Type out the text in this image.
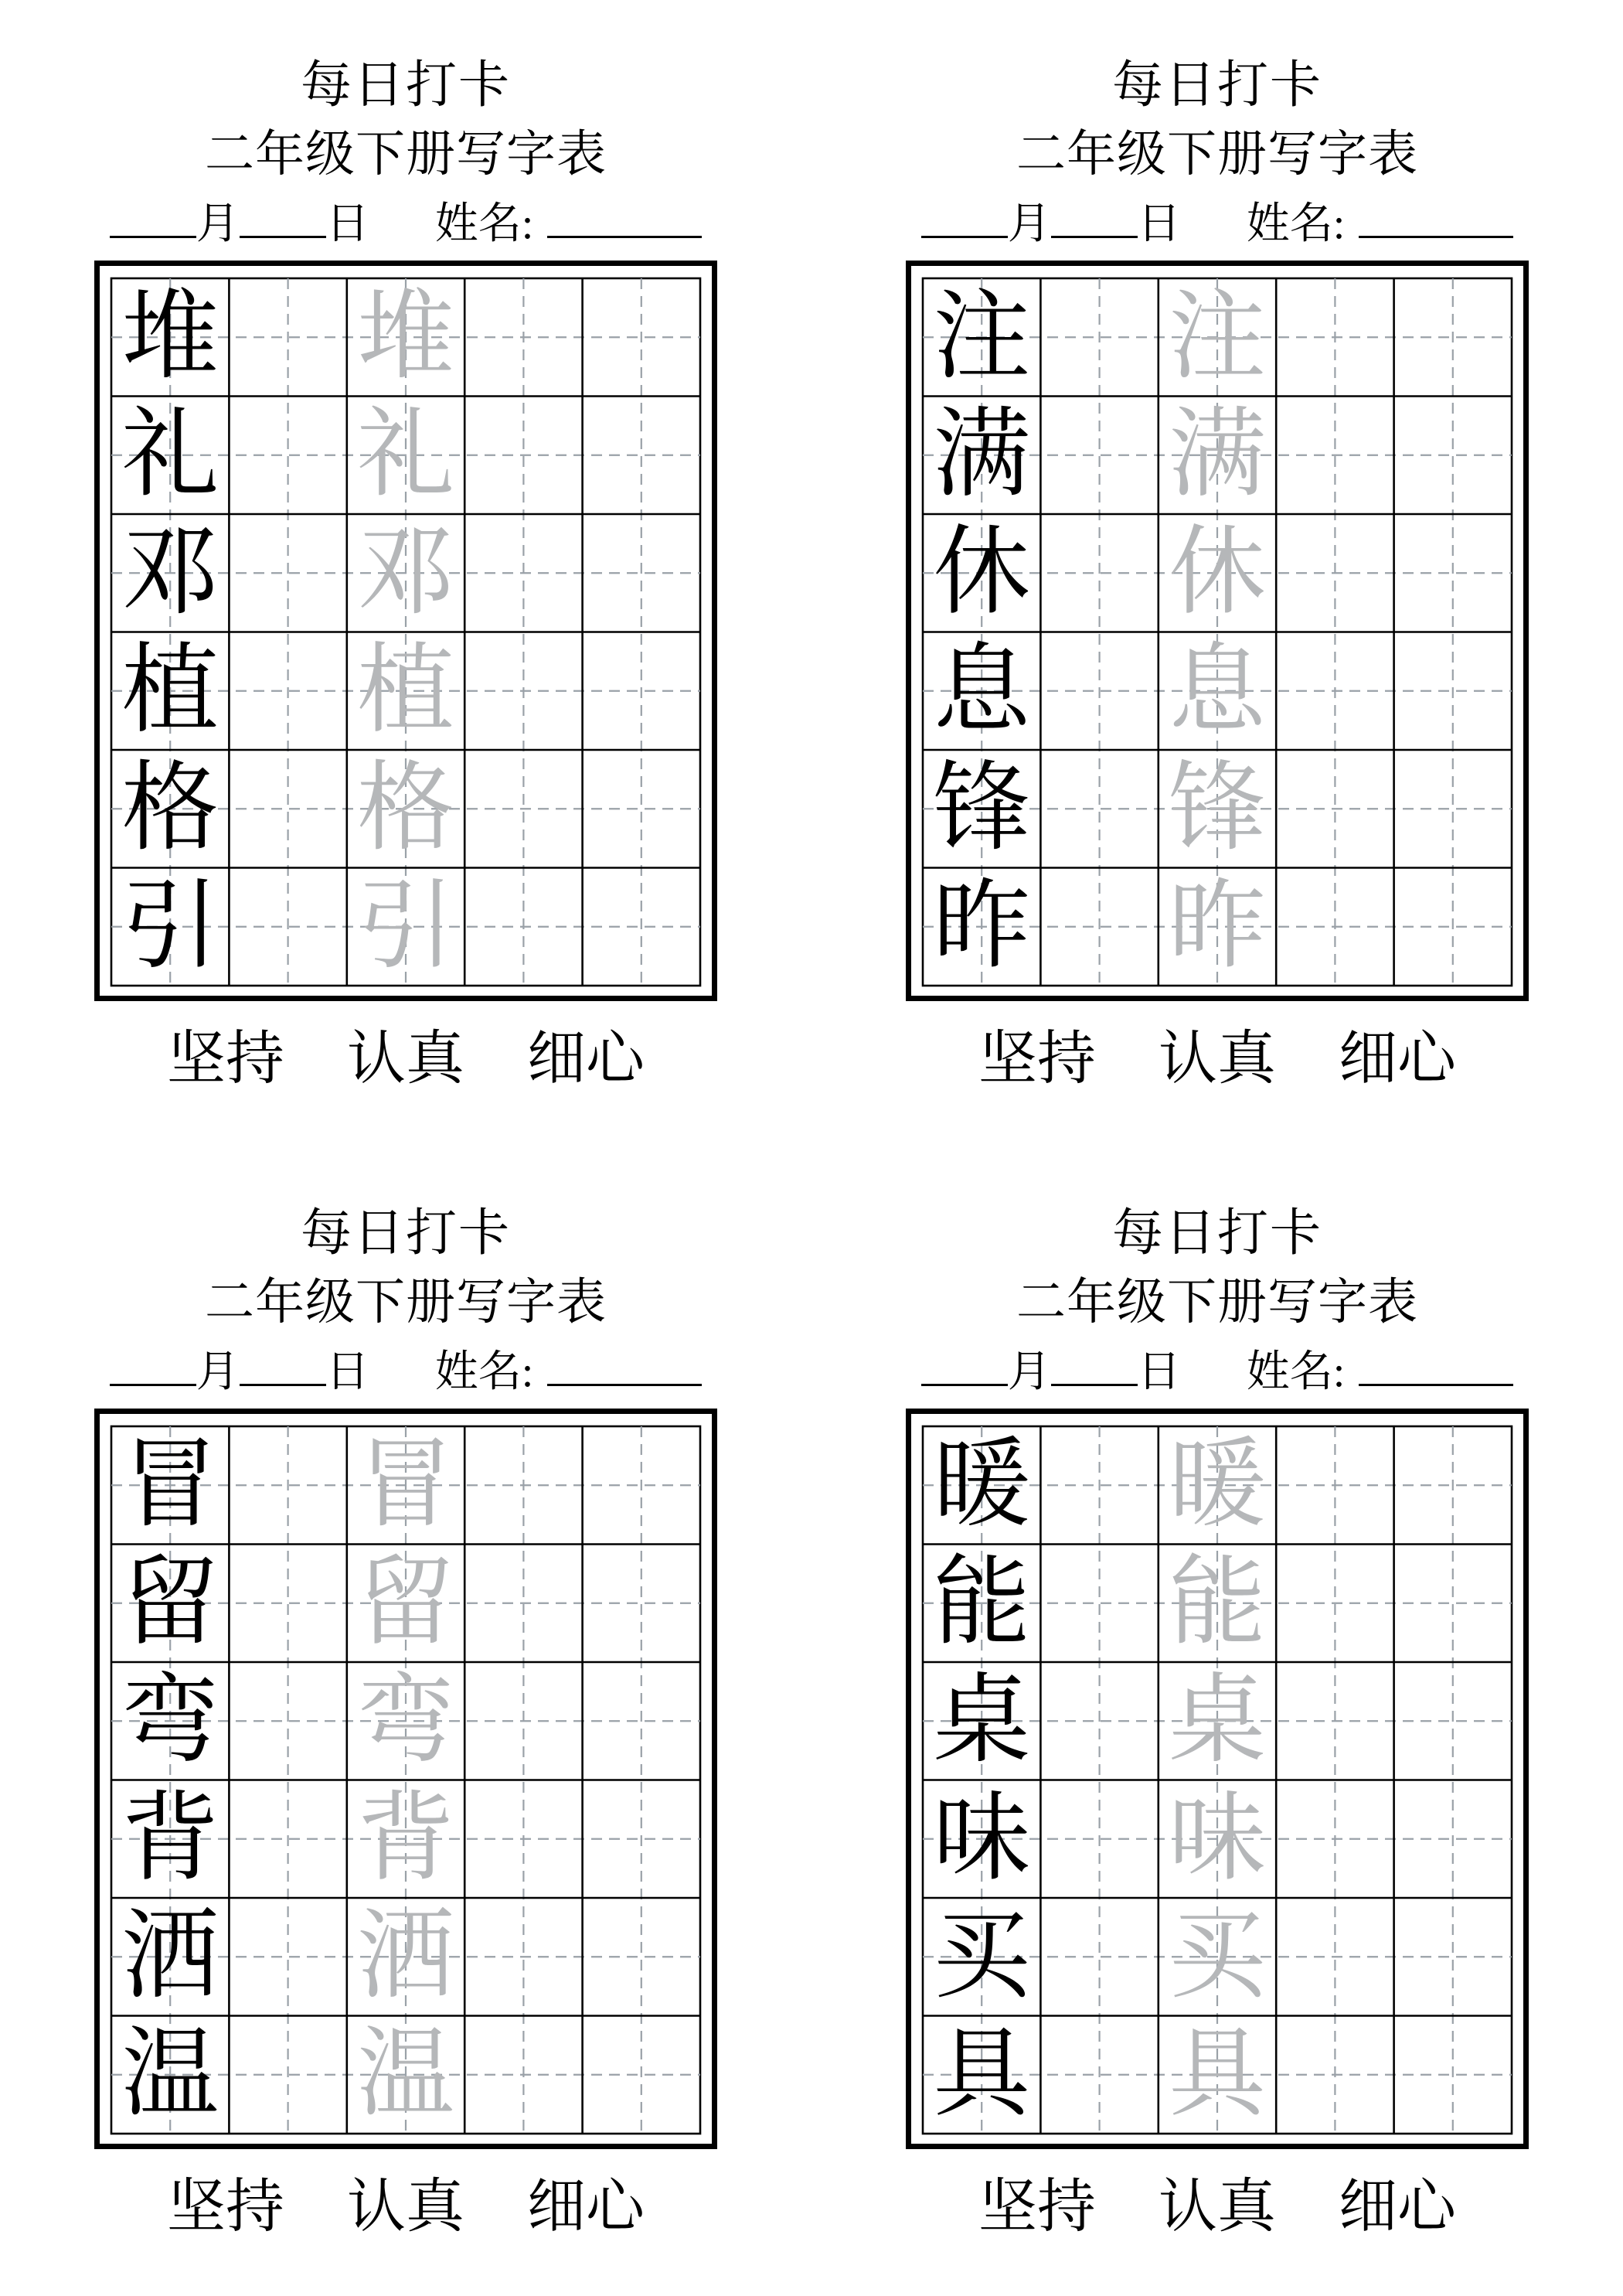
每日打卡
二年级下册写字表
月 日 姓名:
堆 堆
礼 礼
邓 邓
植 植
格 格
引 引
坚持 认真 细心
每日打卡
二年级下册写字表
月 日 姓名:
注 注
满 满
休 休
息 息
锋 锋
昨 昨
坚持 认真 细心
每日打卡
二年级下册写字表
月 日 姓名:
冒 冒
留 留
弯 弯
背 背
洒 洒
温 温
坚持 认真 细心
每日打卡
二年级下册写字表
月 日 姓名:
暖 暖
能 能
桌 桌
味 味
买 买
具 具
坚持 认真 细心
